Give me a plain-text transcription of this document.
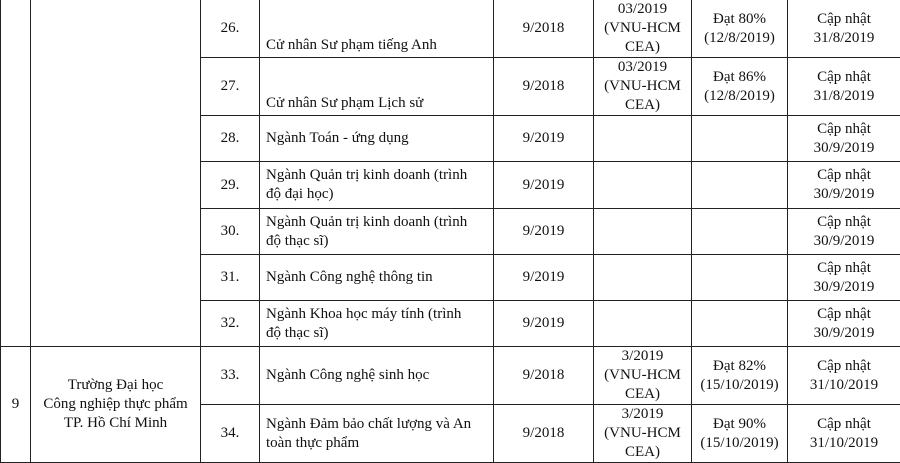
		26.	Cử nhân Sư phạm tiếng Anh	9/2018	03/2019
(VNU-HCM
CEA)	Đạt 80%
(12/8/2019)	Cập nhật
31/8/2019

		27.	Cử nhân Sư phạm Lịch sử	9/2018	03/2019
(VNU-HCM
CEA)	Đạt 86%
(12/8/2019)	Cập nhật
31/8/2019

		28.	Ngành Toán - ứng dụng	9/2019			Cập nhật
30/9/2019

		29.	Ngành Quản trị kinh doanh (trình
độ đại học)	9/2019			Cập nhật
30/9/2019

		30.	Ngành Quản trị kinh doanh (trình
độ thạc sĩ)	9/2019			Cập nhật
30/9/2019

		31.	Ngành Công nghệ thông tin	9/2019			Cập nhật
30/9/2019

		32.	Ngành Khoa học máy tính (trình
độ thạc sĩ)	9/2019			Cập nhật
30/9/2019

9	Trường Đại học
Công nghiệp thực phẩm
TP. Hồ Chí Minh	33.	Ngành Công nghệ sinh học	9/2018	3/2019
(VNU-HCM
CEA)	Đạt 82%
(15/10/2019)	Cập nhật
31/10/2019

		34.	Ngành Đảm bảo chất lượng và An
toàn thực phẩm	9/2018	3/2019
(VNU-HCM
CEA)	Đạt 90%
(15/10/2019)	Cập nhật
31/10/2019
